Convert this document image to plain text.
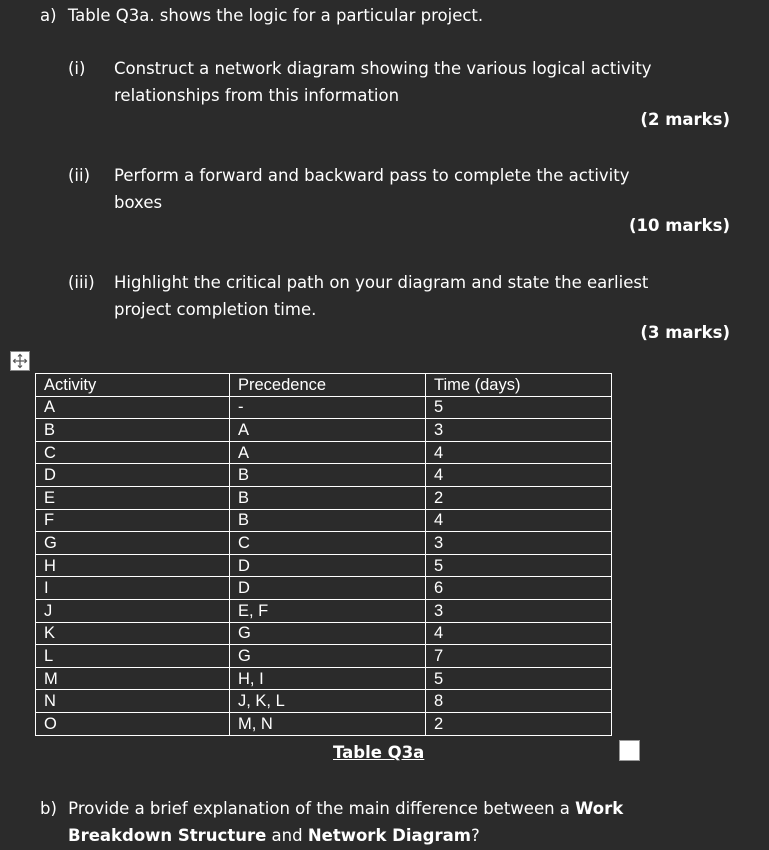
a) Table Q3a. shows the logic for a particular project.
(i) Construct a network diagram showing the various logical activity
relationships from this information
(2 marks)
(ii) Perform a forward and backward pass to complete the activity
boxes
(10 marks)
(iii) Highlight the critical path on your diagram and state the earliest
project completion time.
(3 marks)
Activity	Precedence	Time (days)
A	-	5
B	A	3
C	A	4
D	B	4
E	B	2
F	B	4
G	C	3
H	D	5
I	D	6
J	E, F	3
K	G	4
L	G	7
M	H, I	5
N	J, K, L	8
O	M, N	2
Table Q3a
b) Provide a brief explanation of the main difference between a Work
Breakdown Structure and Network Diagram?
